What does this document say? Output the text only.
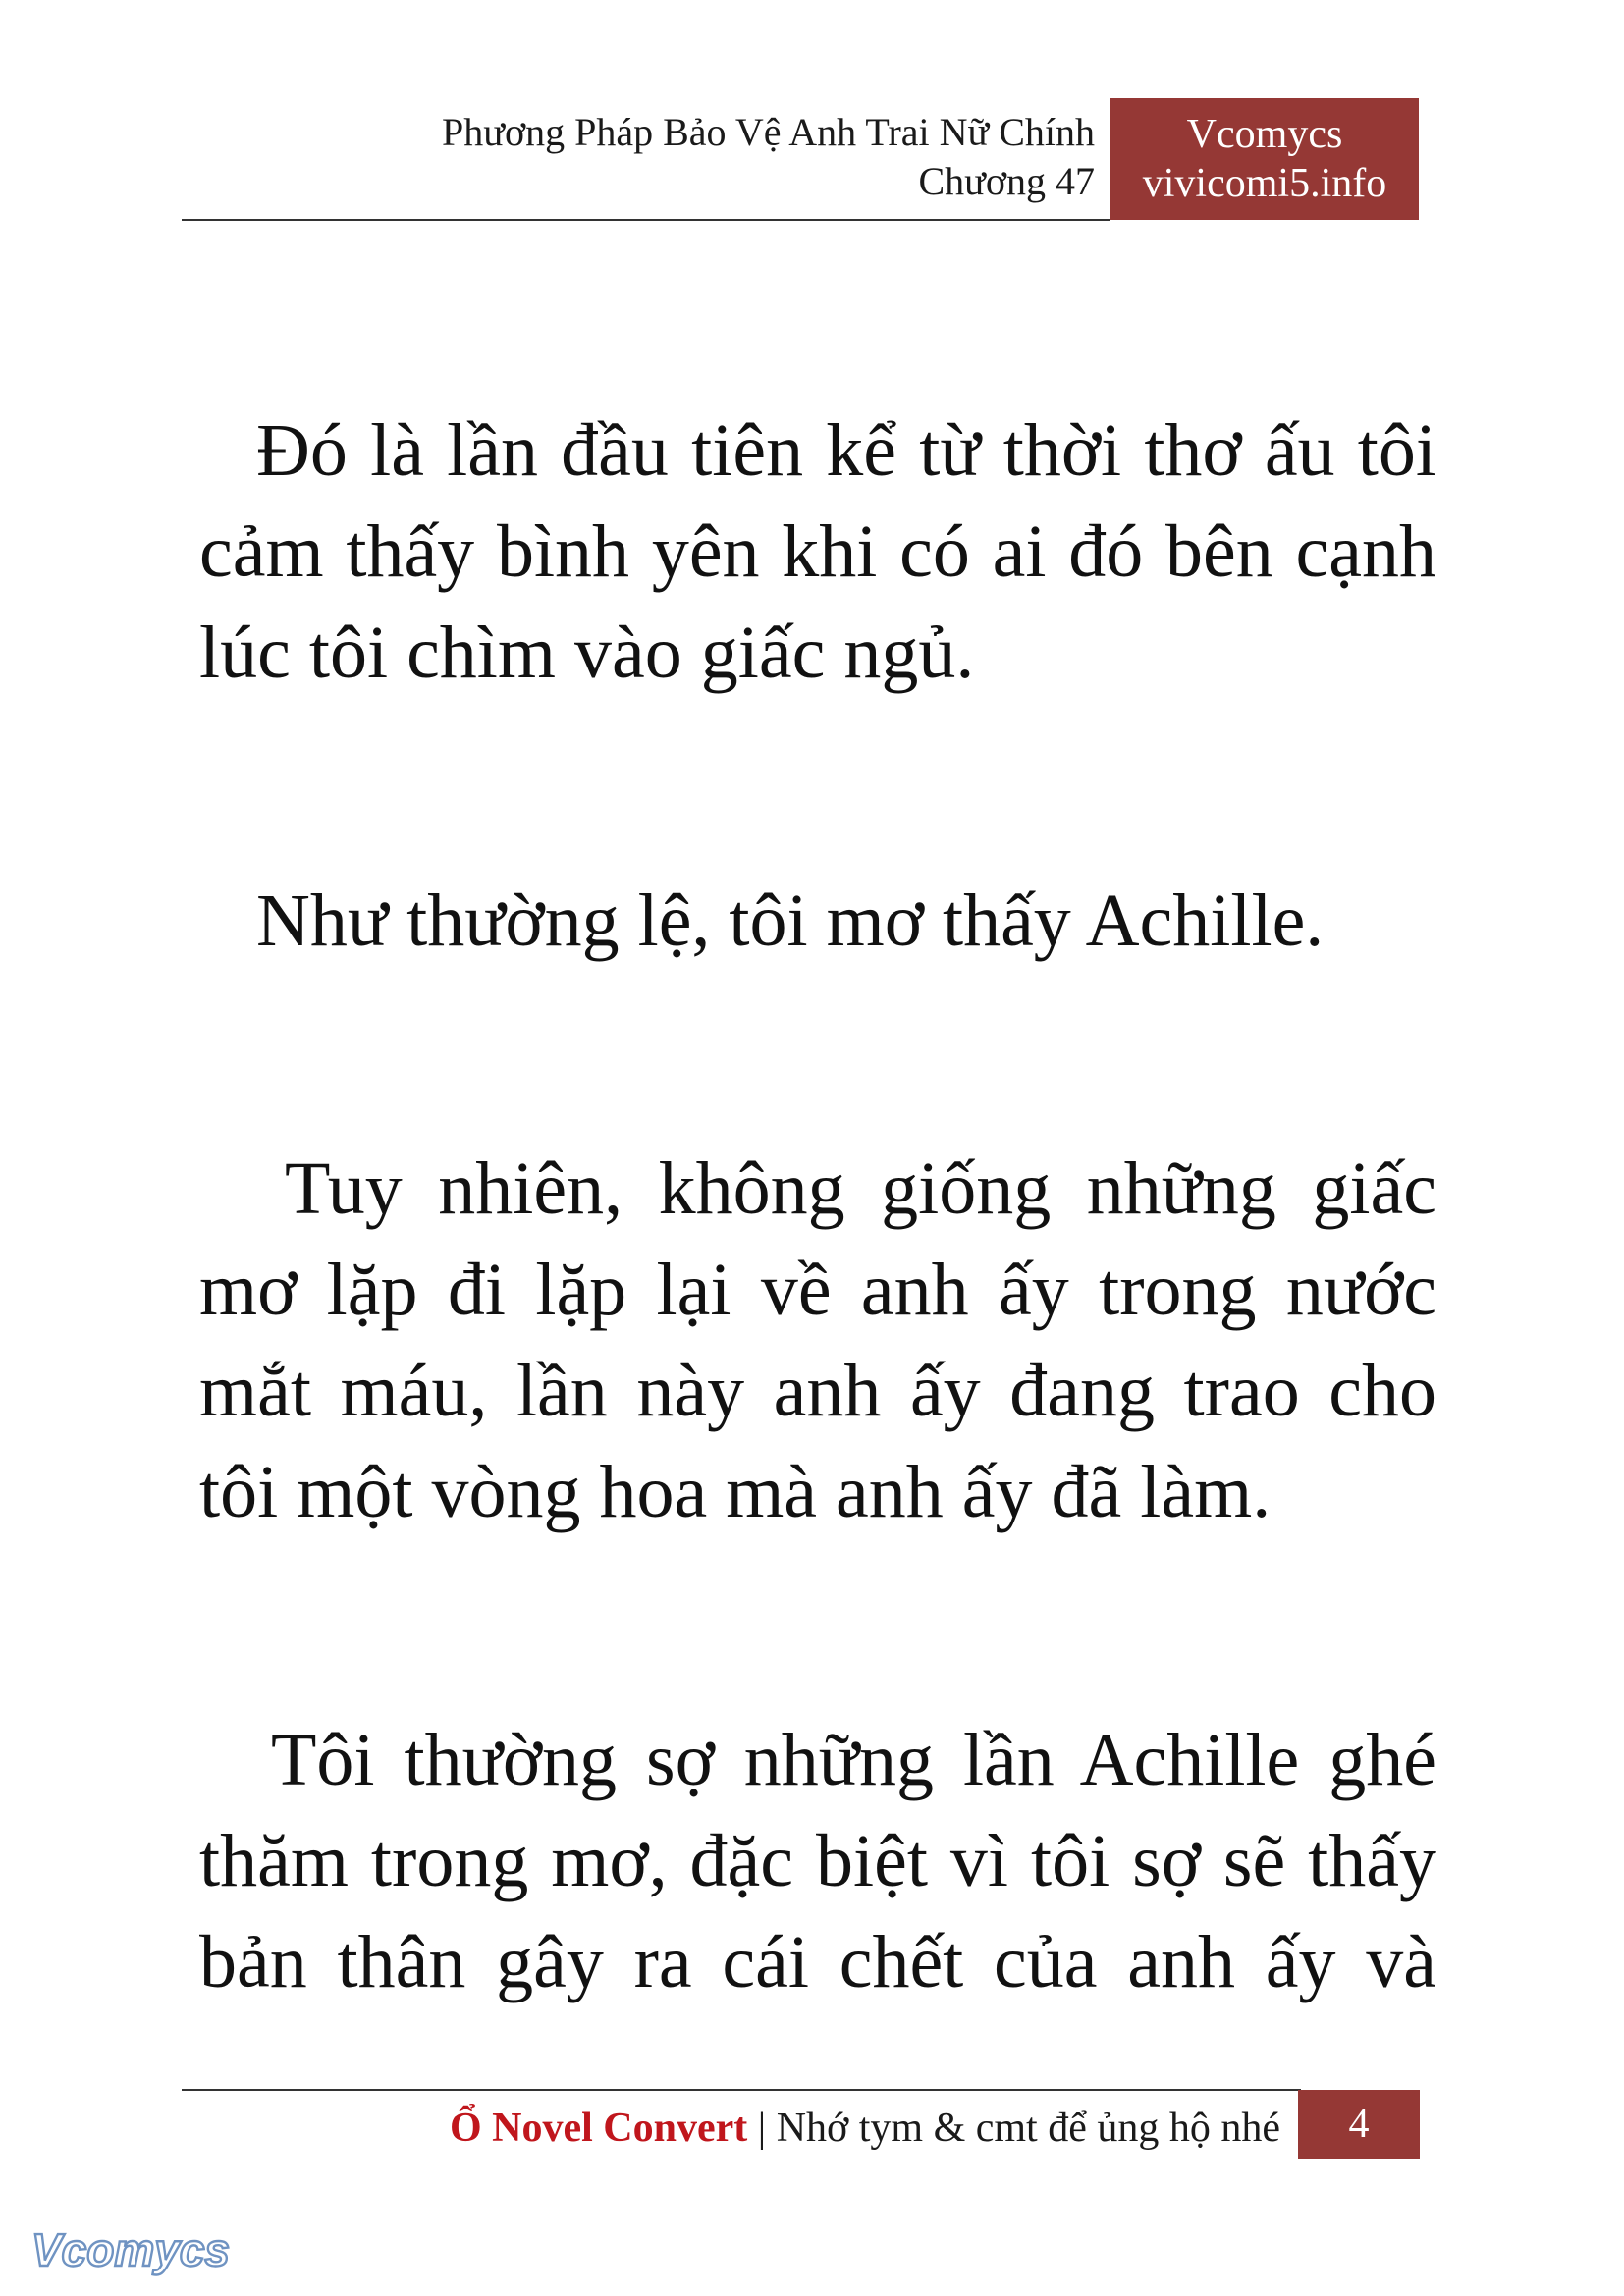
Phương Pháp Bảo Vệ Anh Trai Nữ Chính
Chương 47
Vcomycs
vivicomi5.info

Đó là lần đầu tiên kể từ thời thơ ấu tôi cảm thấy bình yên khi có ai đó bên cạnh lúc tôi chìm vào giấc ngủ.

Như thường lệ, tôi mơ thấy Achille.

Tuy nhiên, không giống những giấc mơ lặp đi lặp lại về anh ấy trong nước mắt máu, lần này anh ấy đang trao cho tôi một vòng hoa mà anh ấy đã làm.

Tôi thường sợ những lần Achille ghé thăm trong mơ, đặc biệt vì tôi sợ sẽ thấy bản thân gây ra cái chết của anh ấy và

Ổ Novel Convert | Nhớ tym & cmt để ủng hộ nhé	4
Vcomycs
